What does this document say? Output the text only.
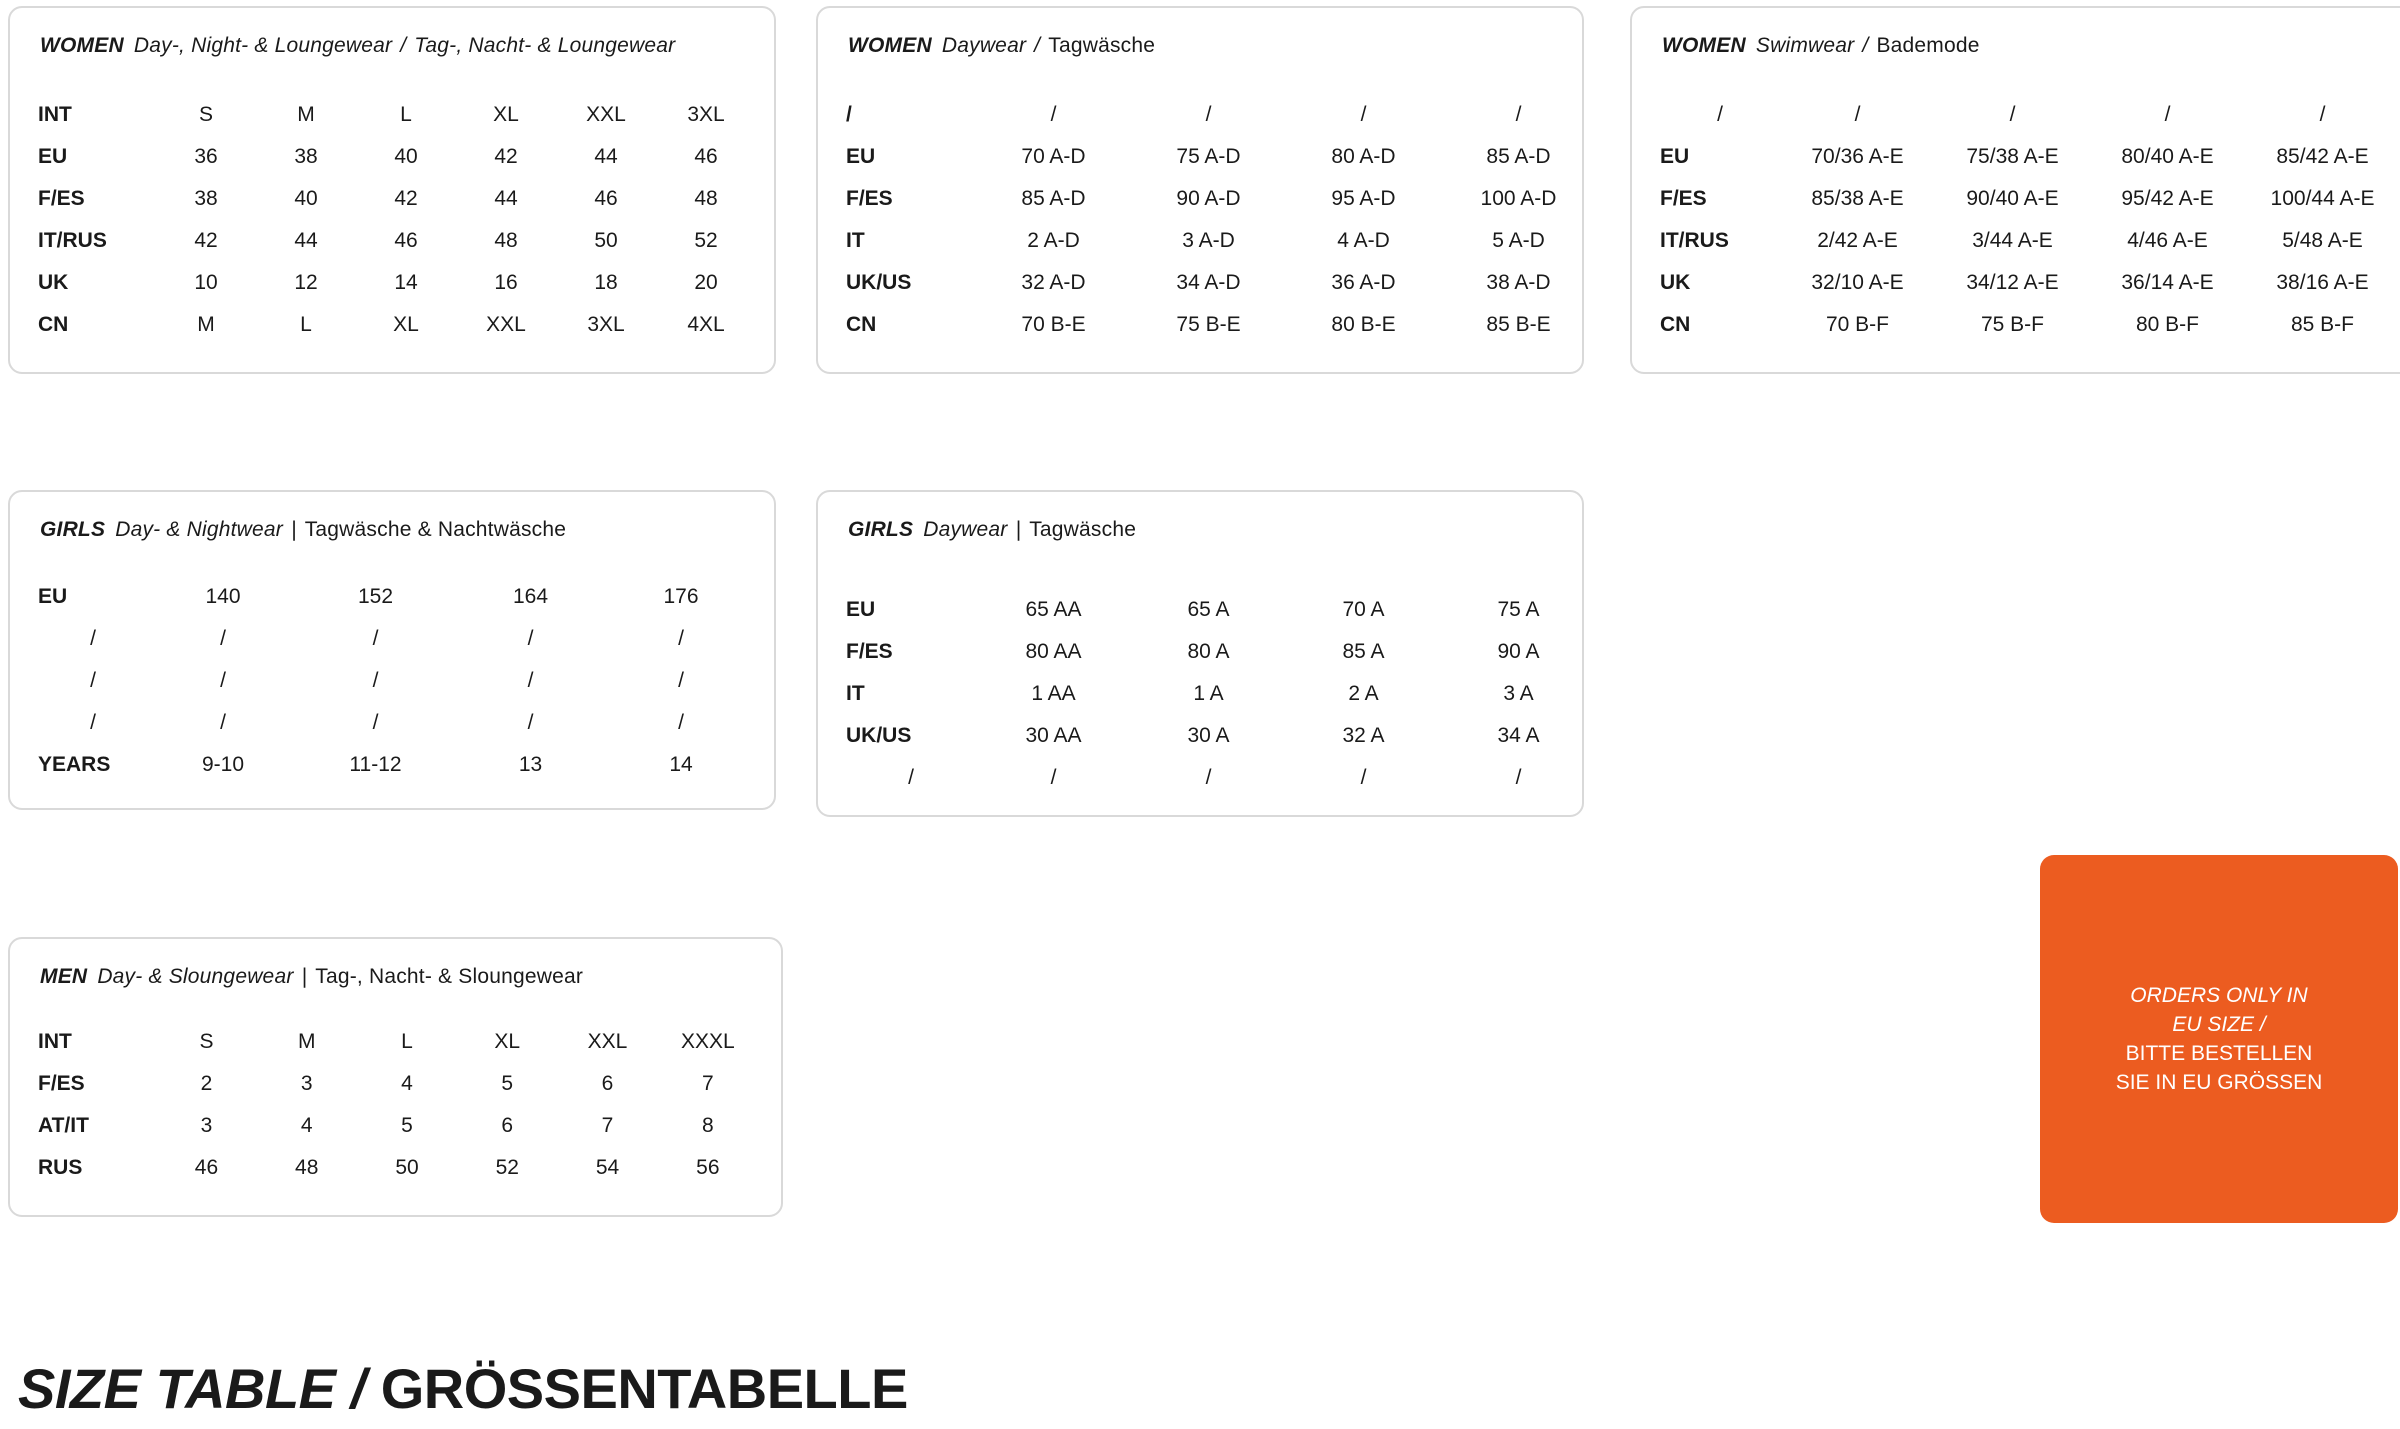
WOMEN Day-, Night- & Loungewear / Tag-, Nacht- & Loungewear
INT	S	M	L	XL	XXL	3XL
EU	36	38	40	42	44	46
F/ES	38	40	42	44	46	48
IT/RUS	42	44	46	48	50	52
UK	10	12	14	16	18	20
CN	M	L	XL	XXL	3XL	4XL
WOMEN Daywear / Tagwäsche
/	/	/	/	/
EU	70 A-D	75 A-D	80 A-D	85 A-D
F/ES	85 A-D	90 A-D	95 A-D	100 A-D
IT	2 A-D	3 A-D	4 A-D	5 A-D
UK/US	32 A-D	34 A-D	36 A-D	38 A-D
CN	70 B-E	75 B-E	80 B-E	85 B-E
WOMEN Swimwear / Bademode
/	/	/	/	/
EU	70/36 A-E	75/38 A-E	80/40 A-E	85/42 A-E
F/ES	85/38 A-E	90/40 A-E	95/42 A-E	100/44 A-E
IT/RUS	2/42 A-E	3/44 A-E	4/46 A-E	5/48 A-E
UK	32/10 A-E	34/12 A-E	36/14 A-E	38/16 A-E
CN	70 B-F	75 B-F	80 B-F	85 B-F
GIRLS Day- & Nightwear | Tagwäsche & Nachtwäsche
EU	140	152	164	176
/	/	/	/	/
/	/	/	/	/
/	/	/	/	/
YEARS	9-10	11-12	13	14
GIRLS Daywear | Tagwäsche
EU	65 AA	65 A	70 A	75 A
F/ES	80 AA	80 A	85 A	90 A
IT	1 AA	1 A	2 A	3 A
UK/US	30 AA	30 A	32 A	34 A
/	/	/	/	/
MEN Day- & Sloungewear | Tag-, Nacht- & Sloungewear
INT	S	M	L	XL	XXL	XXXL
F/ES	2	3	4	5	6	7
AT/IT	3	4	5	6	7	8
RUS	46	48	50	52	54	56
ORDERS ONLY IN
EU SIZE /
BITTE BESTELLEN
SIE IN EU GRÖSSEN
SIZE TABLE / GRÖSSENTABELLE
